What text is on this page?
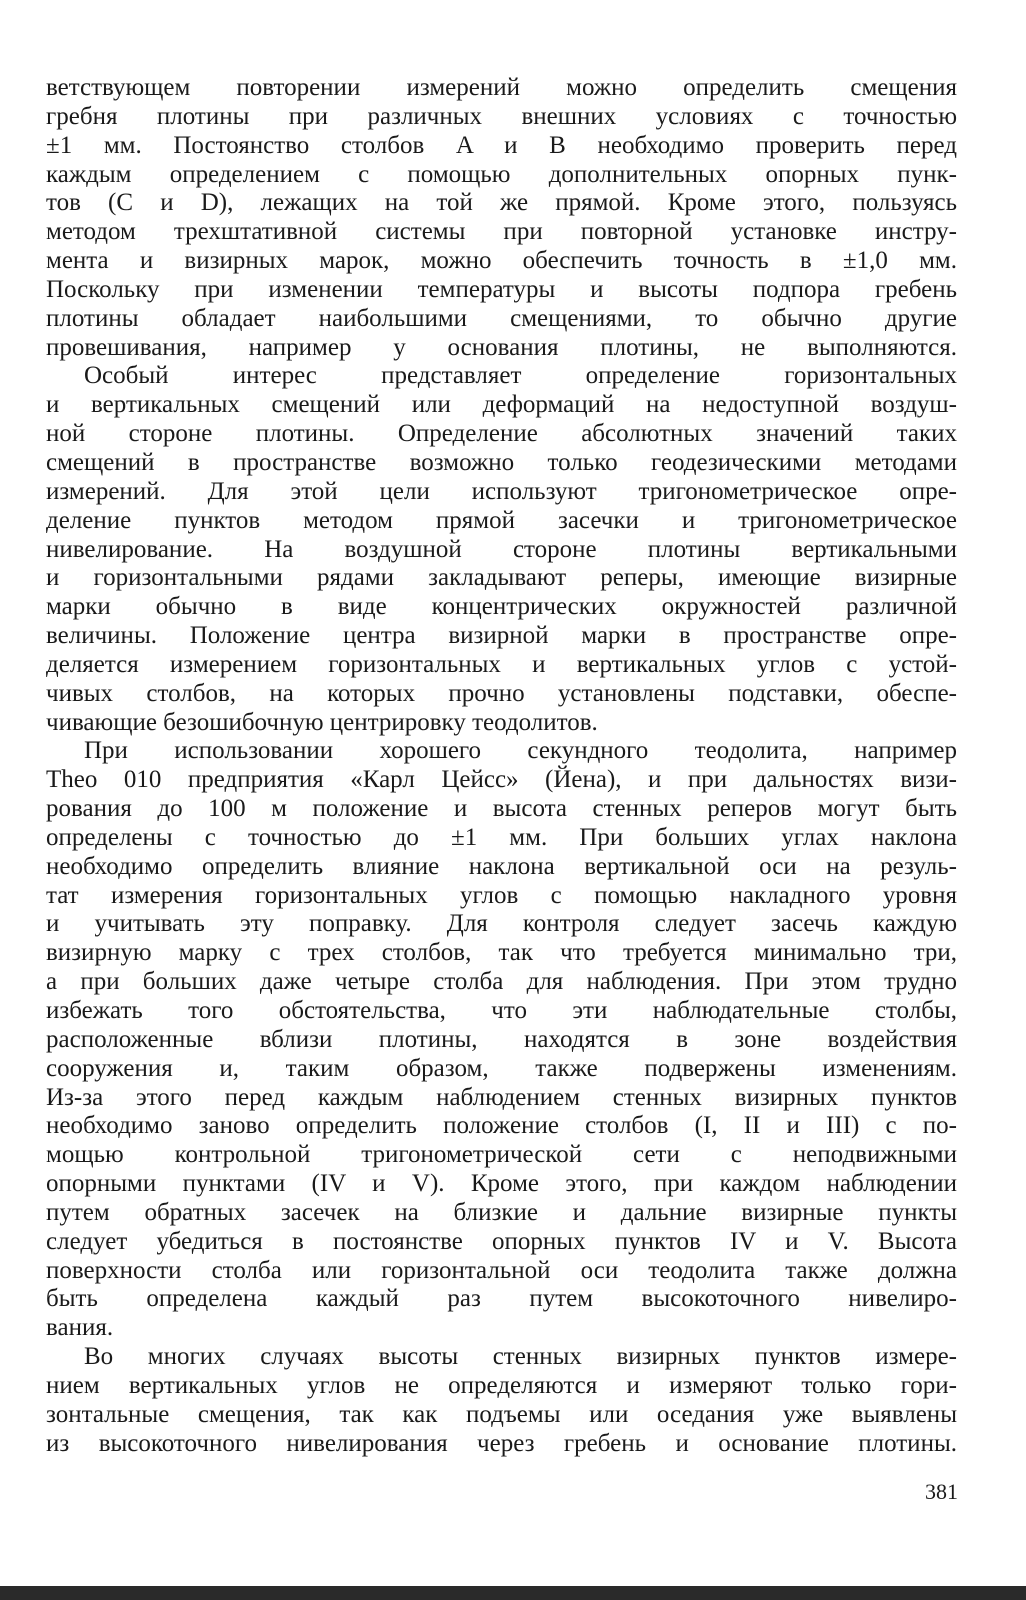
ветствующем повторении измерений можно определить смещения
гребня плотины при различных внешних условиях с точностью
±1 мм. Постоянство столбов A и B необходимо проверить перед
каждым определением с помощью дополнительных опорных пунк-
тов (C и D), лежащих на той же прямой. Кроме этого, пользуясь
методом трехштативной системы при повторной установке инстру-
мента и визирных марок, можно обеспечить точность в ±1,0 мм.
Поскольку при изменении температуры и высоты подпора гребень
плотины обладает наибольшими смещениями, то обычно другие
провешивания, например у основания плотины, не выполняются.
Особый интерес представляет определение горизонтальных
и вертикальных смещений или деформаций на недоступной воздуш-
ной стороне плотины. Определение абсолютных значений таких
смещений в пространстве возможно только геодезическими методами
измерений. Для этой цели используют тригонометрическое опре-
деление пунктов методом прямой засечки и тригонометрическое
нивелирование. На воздушной стороне плотины вертикальными
и горизонтальными рядами закладывают реперы, имеющие визирные
марки обычно в виде концентрических окружностей различной
величины. Положение центра визирной марки в пространстве опре-
деляется измерением горизонтальных и вертикальных углов с устой-
чивых столбов, на которых прочно установлены подставки, обеспе-
чивающие безошибочную центрировку теодолитов.
При использовании хорошего секундного теодолита, например
Theo 010 предприятия «Карл Цейсс» (Йена), и при дальностях визи-
рования до 100 м положение и высота стенных реперов могут быть
определены с точностью до ±1 мм. При больших углах наклона
необходимо определить влияние наклона вертикальной оси на резуль-
тат измерения горизонтальных углов с помощью накладного уровня
и учитывать эту поправку. Для контроля следует засечь каждую
визирную марку с трех столбов, так что требуется минимально три,
а при больших даже четыре столба для наблюдения. При этом трудно
избежать того обстоятельства, что эти наблюдательные столбы,
расположенные вблизи плотины, находятся в зоне воздействия
сооружения и, таким образом, также подвержены изменениям.
Из-за этого перед каждым наблюдением стенных визирных пунктов
необходимо заново определить положение столбов (I, II и III) с по-
мощью контрольной тригонометрической сети с неподвижными
опорными пунктами (IV и V). Кроме этого, при каждом наблюдении
путем обратных засечек на близкие и дальние визирные пункты
следует убедиться в постоянстве опорных пунктов IV и V. Высота
поверхности столба или горизонтальной оси теодолита также должна
быть определена каждый раз путем высокоточного нивелиро-
вания.
Во многих случаях высоты стенных визирных пунктов измере-
нием вертикальных углов не определяются и измеряют только гори-
зонтальные смещения, так как подъемы или оседания уже выявлены
из высокоточного нивелирования через гребень и основание плотины.
381
